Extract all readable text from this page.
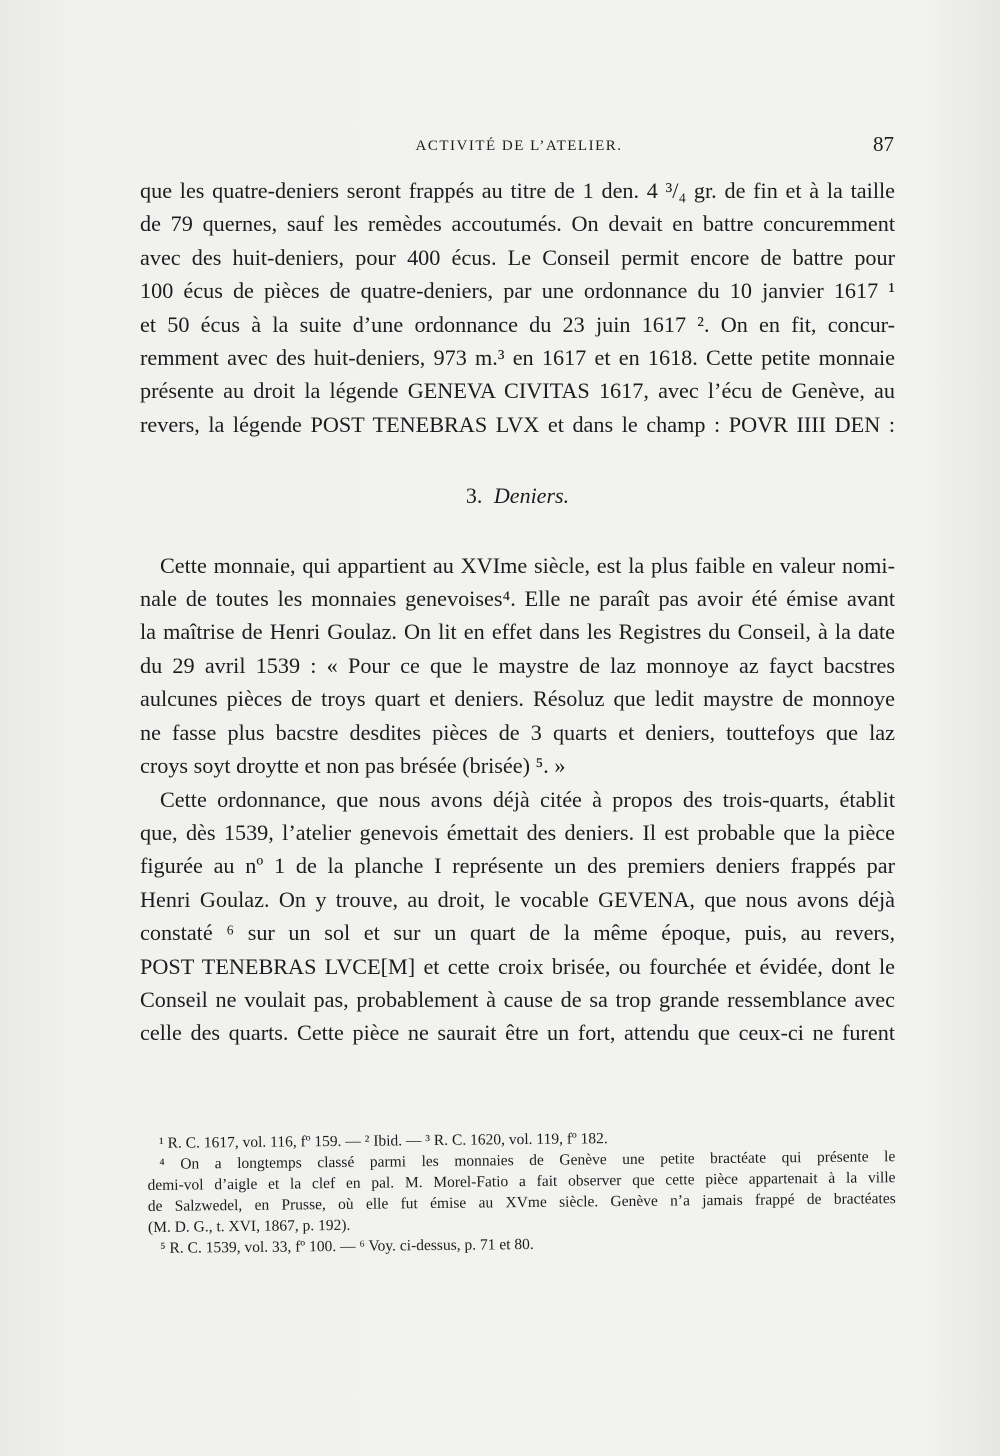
ACTIVITÉ DE L’ATELIER.	87
que les quatre-deniers seront frappés au titre de 1 den. 4 ³/₄ gr. de fin et à la taille
de 79 quernes, sauf les remèdes accoutumés. On devait en battre concuremment
avec des huit-deniers, pour 400 écus. Le Conseil permit encore de battre pour
100 écus de pièces de quatre-deniers, par une ordonnance du 10 janvier 1617 ¹
et 50 écus à la suite d’une ordonnance du 23 juin 1617 ². On en fit, concur-
remment avec des huit-deniers, 973 m.³ en 1617 et en 1618. Cette petite monnaie
présente au droit la légende GENEVA CIVITAS 1617, avec l’écu de Genève, au
revers, la légende POST TENEBRAS LVX et dans le champ : POVR IIII DEN :
3. Deniers.
Cette monnaie, qui appartient au XVIme siècle, est la plus faible en valeur nomi-
nale de toutes les monnaies genevoises⁴. Elle ne paraît pas avoir été émise avant
la maîtrise de Henri Goulaz. On lit en effet dans les Registres du Conseil, à la date
du 29 avril 1539 : « Pour ce que le maystre de laz monnoye az fayct bacstres
aulcunes pièces de troys quart et deniers. Résoluz que ledit maystre de monnoye
ne fasse plus bacstre desdites pièces de 3 quarts et deniers, touttefoys que laz
croys soyt droytte et non pas brésée (brisée) ⁵. »
Cette ordonnance, que nous avons déjà citée à propos des trois-quarts, établit
que, dès 1539, l’atelier genevois émettait des deniers. Il est probable que la pièce
figurée au nº 1 de la planche I représente un des premiers deniers frappés par
Henri Goulaz. On y trouve, au droit, le vocable GEVENA, que nous avons déjà
constaté ⁶ sur un sol et sur un quart de la même époque, puis, au revers,
POST TENEBRAS LVCE[M] et cette croix brisée, ou fourchée et évidée, dont le
Conseil ne voulait pas, probablement à cause de sa trop grande ressemblance avec
celle des quarts. Cette pièce ne saurait être un fort, attendu que ceux-ci ne furent
¹ R. C. 1617, vol. 116, fº 159. — ² Ibid. — ³ R. C. 1620, vol. 119, fº 182.
⁴ On a longtemps classé parmi les monnaies de Genève une petite bractéate qui présente le
demi-vol d’aigle et la clef en pal. M. Morel-Fatio a fait observer que cette pièce appartenait à la ville
de Salzwedel, en Prusse, où elle fut émise au XVme siècle. Genève n’a jamais frappé de bractéates
(M. D. G., t. XVI, 1867, p. 192).
⁵ R. C. 1539, vol. 33, fº 100. — ⁶ Voy. ci-dessus, p. 71 et 80.
